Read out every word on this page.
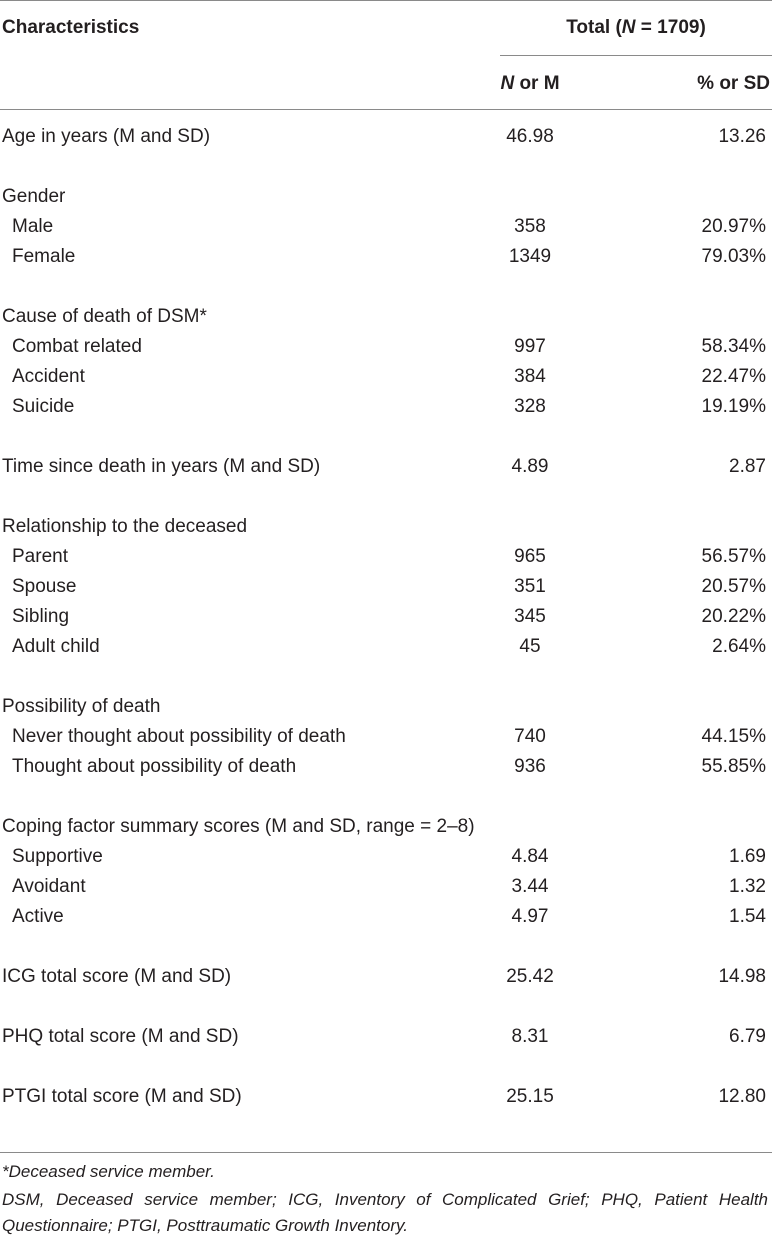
Characteristics	Total (N = 1709)
N or M	% or SD
Age in years (M and SD)	46.98	13.26
Gender
Male	358	20.97%
Female	1349	79.03%
Cause of death of DSM*
Combat related	997	58.34%
Accident	384	22.47%
Suicide	328	19.19%
Time since death in years (M and SD)	4.89	2.87
Relationship to the deceased
Parent	965	56.57%
Spouse	351	20.57%
Sibling	345	20.22%
Adult child	45	2.64%
Possibility of death
Never thought about possibility of death	740	44.15%
Thought about possibility of death	936	55.85%
Coping factor summary scores (M and SD, range = 2–8)
Supportive	4.84	1.69
Avoidant	3.44	1.32
Active	4.97	1.54
ICG total score (M and SD)	25.42	14.98
PHQ total score (M and SD)	8.31	6.79
PTGI total score (M and SD)	25.15	12.80
*Deceased service member.
DSM, Deceased service member; ICG, Inventory of Complicated Grief; PHQ, Patient Health Questionnaire; PTGI, Posttraumatic Growth Inventory.
